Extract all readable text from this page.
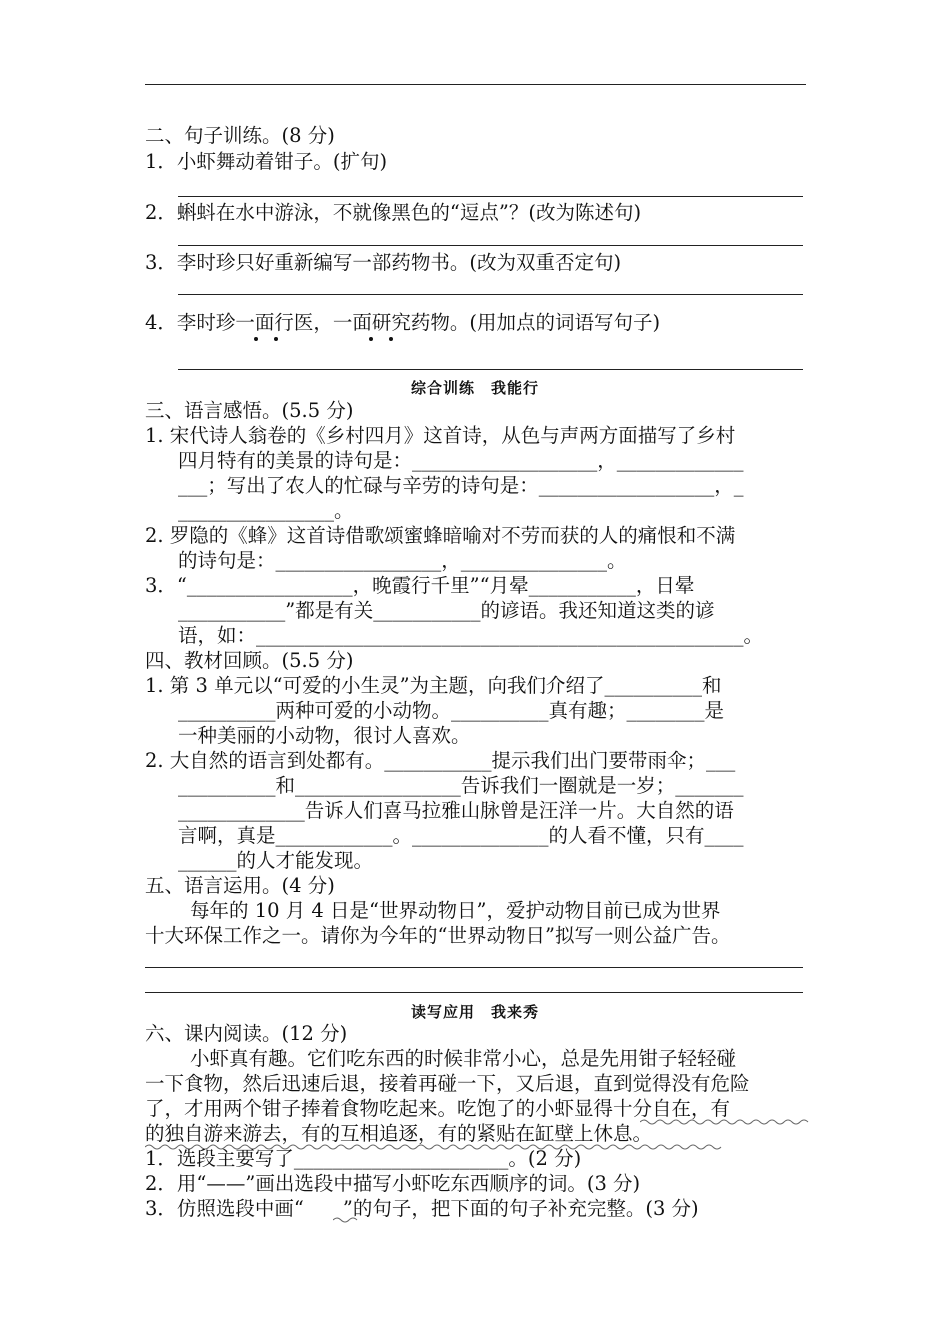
二、句子训练。(8 分)
1．小虾舞动着钳子。(扩句)
2．蝌蚪在水中游泳，不就像黑色的“逗点”？(改为陈述句)
3．李时珍只好重新编写一部药物书。(改为双重否定句)
4．李时珍一面行医，一面研究药物。(用加点的词语写句子)
综合训练　我能行
三、语言感悟。(5.5 分)
1. 宋代诗人翁卷的《乡村四月》这首诗，从色与声两方面描写了乡村
四月特有的美景的诗句是：___________________，_____________
___；写出了农人的忙碌与辛劳的诗句是：__________________，_
________________。
2. 罗隐的《蜂》这首诗借歌颂蜜蜂暗喻对不劳而获的人的痛恨和不满
的诗句是：_________________，_______________。
3．“_________________，晚霞行千里”“月晕___________，日晕
___________”都是有关___________的谚语。我还知道这类的谚
语，如：__________________________________________________。
四、教材回顾。(5.5 分)
1. 第 3 单元以“可爱的小生灵”为主题，向我们介绍了__________和
__________两种可爱的小动物。__________真有趣；________是
一种美丽的小动物，很讨人喜欢。
2. 大自然的语言到处都有。___________提示我们出门要带雨伞；___
__________和_________________告诉我们一圈就是一岁；_______
_____________告诉人们喜马拉雅山脉曾是汪洋一片。大自然的语
言啊，真是____________。______________的人看不懂，只有____
______的人才能发现。
五、语言运用。(4 分)
每年的 10 月 4 日是“世界动物日”，爱护动物目前已成为世界
十大环保工作之一。请你为今年的“世界动物日”拟写一则公益广告。
读写应用　我来秀
六、课内阅读。(12 分)
小虾真有趣。它们吃东西的时候非常小心，总是先用钳子轻轻碰
一下食物，然后迅速后退，接着再碰一下，又后退，直到觉得没有危险
了，才用两个钳子捧着食物吃起来。吃饱了的小虾显得十分自在，有
的独自游来游去，有的互相追逐，有的紧贴在缸壁上休息。
1．选段主要写了______________________。(2 分)
2．用“——”画出选段中描写小虾吃东西顺序的词。(3 分)
3．仿照选段中画“　　”的句子，把下面的句子补充完整。(3 分)
